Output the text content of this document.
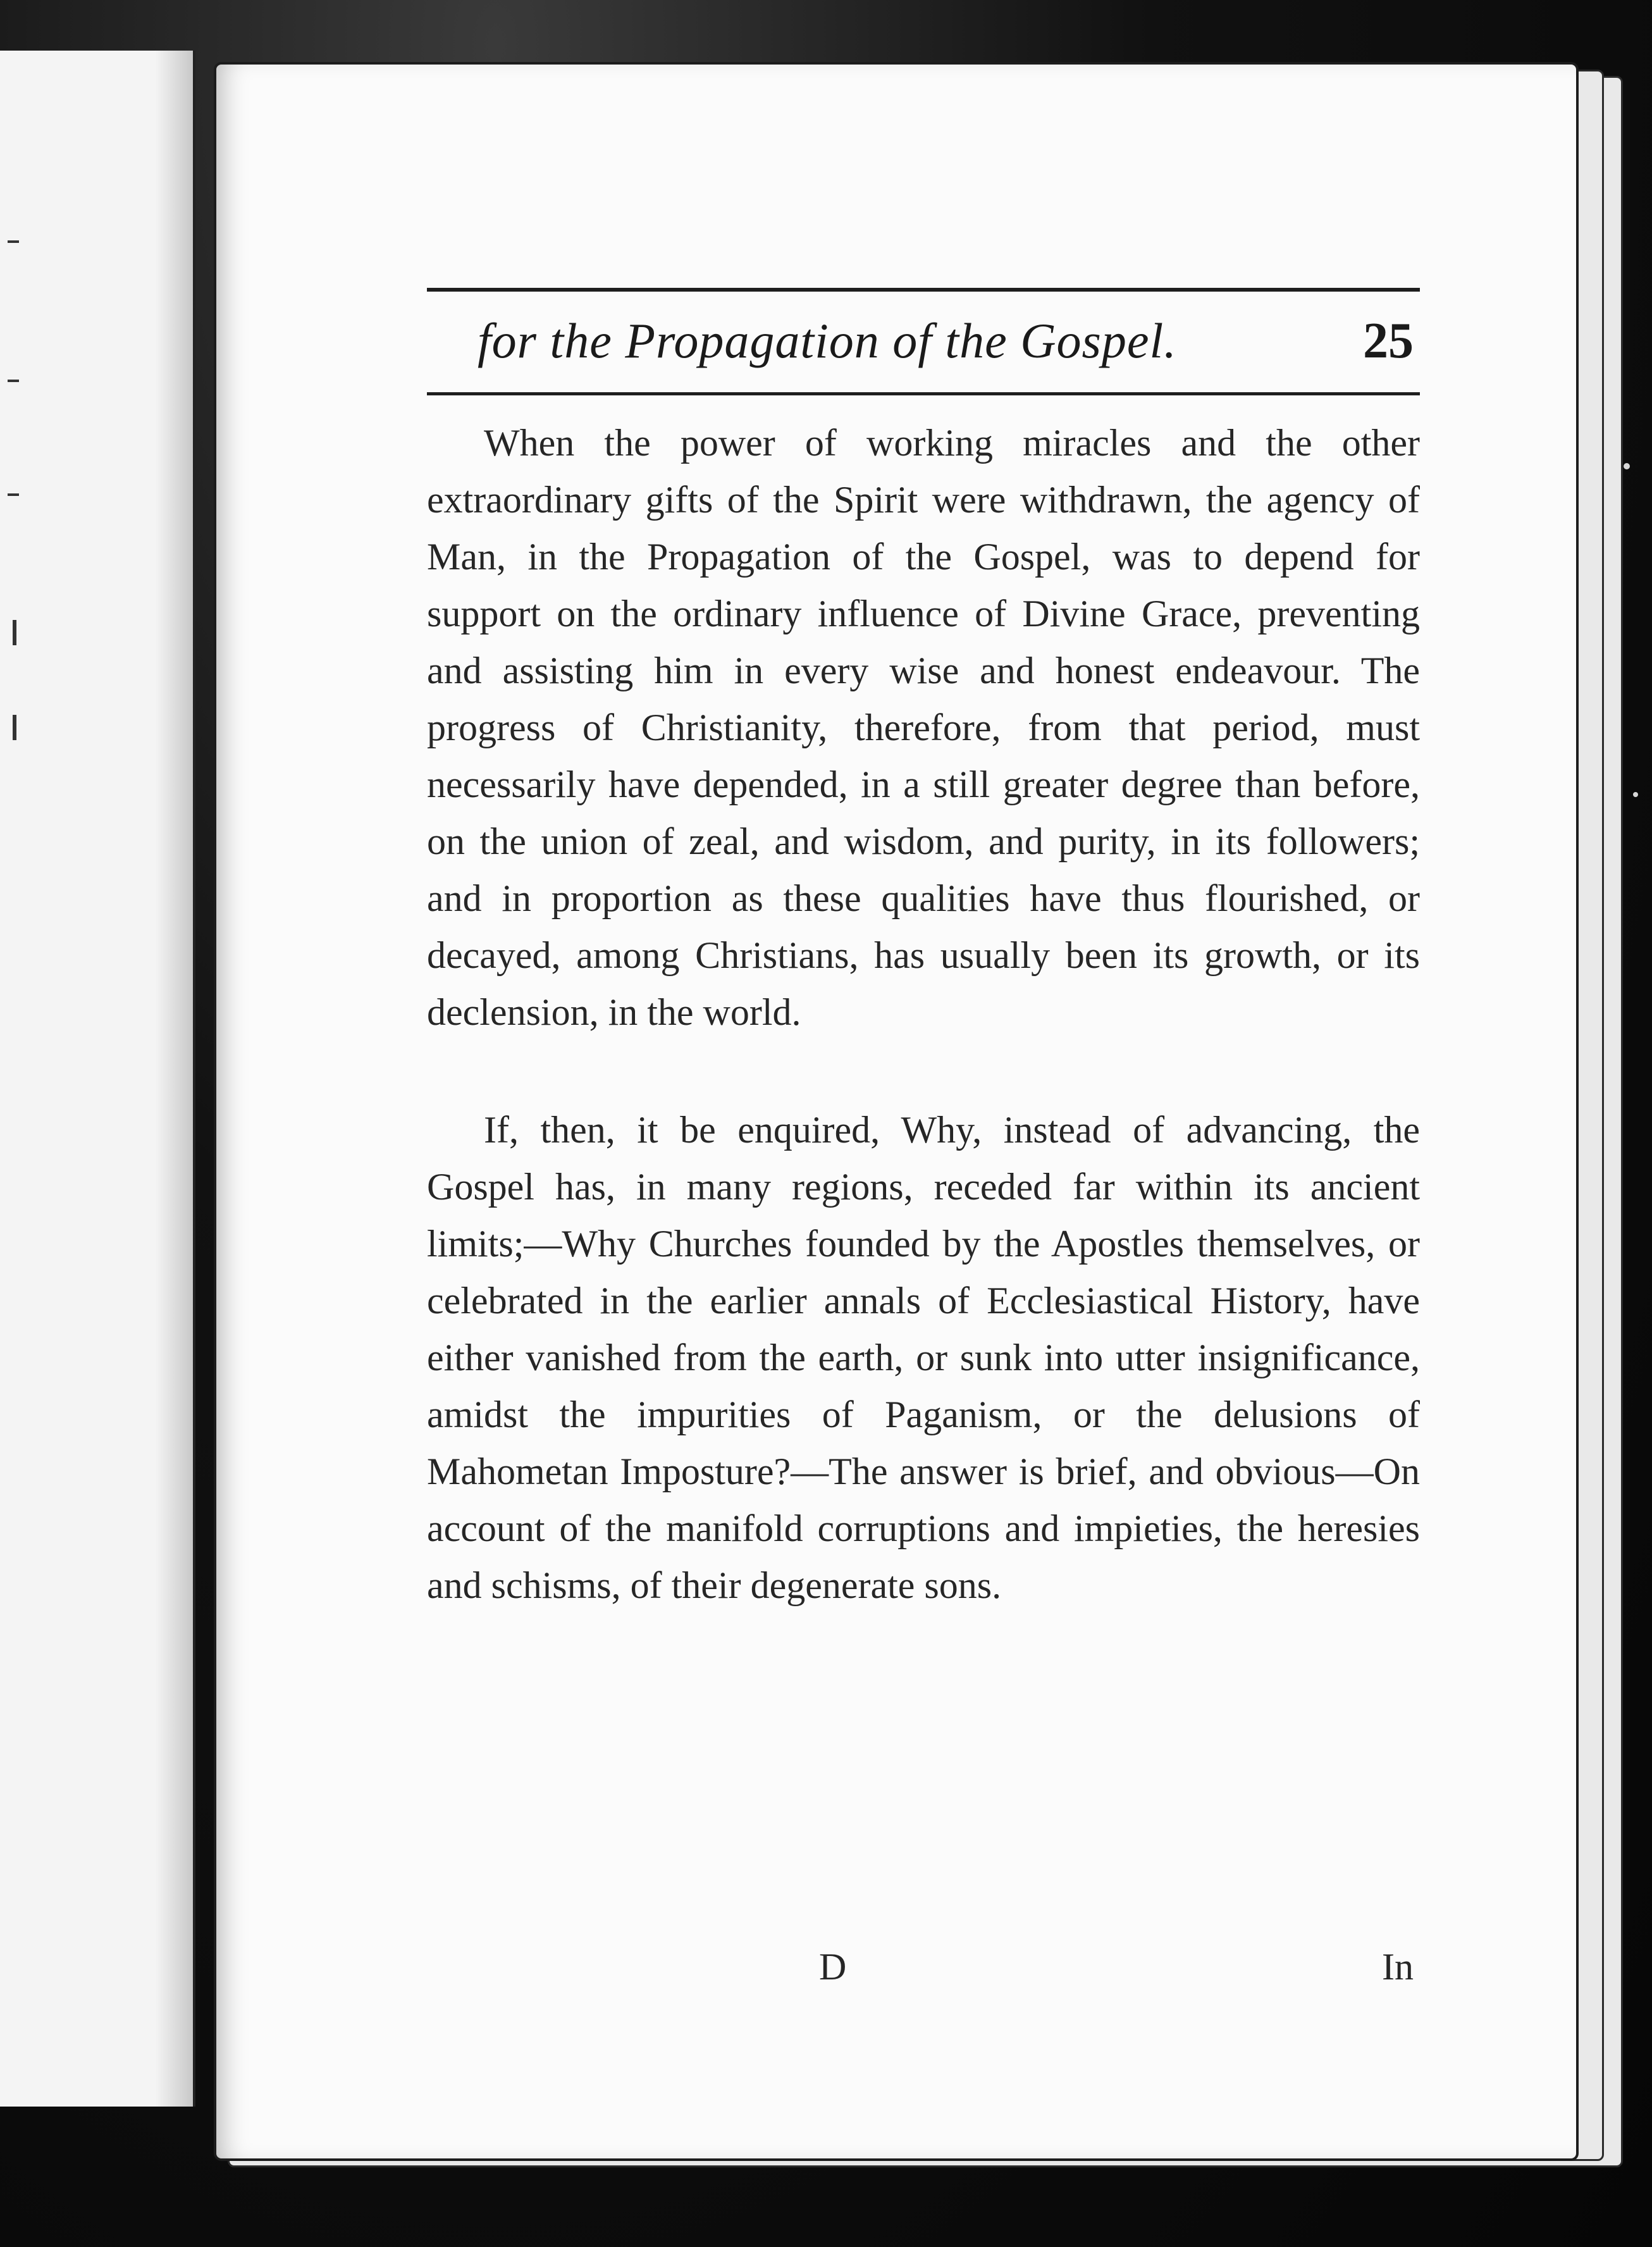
for the Propagation of the Gospel.	25

When the power of working miracles and the other extraordinary gifts of the Spirit were withdrawn, the agency of Man, in the Propagation of the Gospel, was to depend for support on the ordinary influence of Divine Grace, preventing and assisting him in every wise and honest endeavour. The progress of Christianity, therefore, from that period, must necessarily have depended, in a still greater degree than before, on the union of zeal, and wisdom, and purity, in its followers; and in proportion as these qualities have thus flourished, or decayed, among Christians, has usually been its growth, or its declension, in the world.

If, then, it be enquired, Why, instead of advancing, the Gospel has, in many regions, receded far within its ancient limits;—Why Churches founded by the Apostles themselves, or celebrated in the earlier annals of Ecclesiastical History, have either vanished from the earth, or sunk into utter insignificance, amidst the impurities of Paganism, or the delusions of Mahometan Imposture?—The answer is brief, and obvious—On account of the manifold corruptions and impieties, the heresies and schisms, of their degenerate sons.

D	In
